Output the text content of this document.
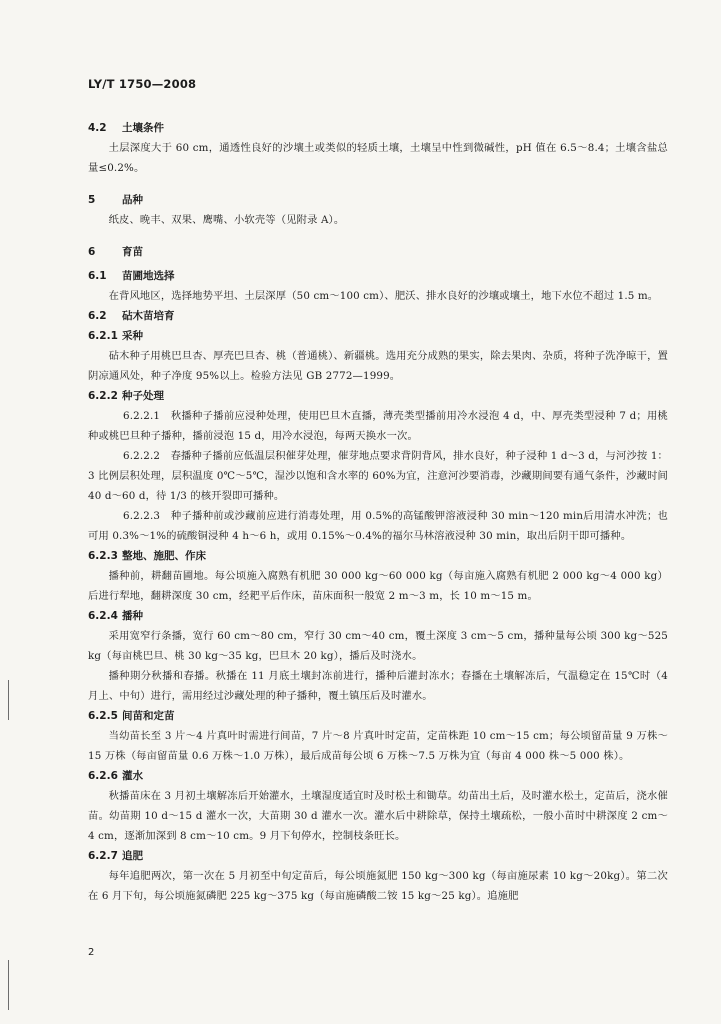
LY/T 1750—2008
4.2 土壤条件
土层深度大于 60 cm，通透性良好的沙壤土或类似的轻质土壤，土壤呈中性到微碱性，pH 值在 6.5～8.4；土壤含盐总量≤0.2%。
5	品种
纸皮、晚丰、双果、鹰嘴、小软壳等（见附录 A）。
6	育苗
6.1 苗圃地选择
在背风地区，选择地势平坦、土层深厚（50 cm～100 cm）、肥沃、排水良好的沙壤或壤土，地下水位不超过 1.5 m。
6.2 砧木苗培育
6.2.1 采种
砧木种子用桃巴旦杏、厚壳巴旦杏、桃（普通桃）、新疆桃。选用充分成熟的果实，除去果肉、杂质，将种子洗净晾干，置阴凉通风处，种子净度 95%以上。检验方法见 GB 2772—1999。
6.2.2 种子处理
6.2.2.1　秋播种子播前应浸种处理，使用巴旦木直播，薄壳类型播前用冷水浸泡 4 d，中、厚壳类型浸种 7 d；用桃种或桃巴旦种子播种，播前浸泡 15 d，用冷水浸泡，每两天换水一次。
6.2.2.2　春播种子播前应低温层积催芽处理，催芽地点要求背阴背风，排水良好，种子浸种 1 d～3 d，与河沙按 1：3 比例层积处理，层积温度 0℃～5℃，湿沙以饱和含水率的 60%为宜，注意河沙要消毒，沙藏期间要有通气条件，沙藏时间 40 d～60 d，待 1/3 的核开裂即可播种。
6.2.2.3　种子播种前或沙藏前应进行消毒处理，用 0.5%的高锰酸钾溶液浸种 30 min～120 min后用清水冲洗；也可用 0.3%～1%的硫酸铜浸种 4 h～6 h，或用 0.15%～0.4%的福尔马林溶液浸种 30 min，取出后阴干即可播种。
6.2.3 整地、施肥、作床
播种前，耕翻苗圃地。每公顷施入腐熟有机肥 30 000 kg～60 000 kg（每亩施入腐熟有机肥 2 000 kg～4 000 kg）后进行犁地，翻耕深度 30 cm，经耙平后作床，苗床面积一般宽 2 m～3 m，长 10 m～15 m。
6.2.4 播种
采用宽窄行条播，宽行 60 cm～80 cm，窄行 30 cm～40 cm，覆土深度 3 cm～5 cm，播种量每公顷 300 kg～525 kg（每亩桃巴旦、桃 30 kg～35 kg，巴旦木 20 kg），播后及时浇水。
播种期分秋播和春播。秋播在 11 月底土壤封冻前进行，播种后灌封冻水；春播在土壤解冻后，气温稳定在 15℃时（4 月上、中旬）进行，需用经过沙藏处理的种子播种，覆土镇压后及时灌水。
6.2.5 间苗和定苗
当幼苗长至 3 片～4 片真叶时需进行间苗，7 片～8 片真叶时定苗，定苗株距 10 cm～15 cm；每公顷留苗量 9 万株～15 万株（每亩留苗量 0.6 万株～1.0 万株），最后成苗每公顷 6 万株～7.5 万株为宜（每亩 4 000 株～5 000 株）。
6.2.6 灌水
秋播苗床在 3 月初土壤解冻后开始灌水，土壤湿度适宜时及时松土和锄草。幼苗出土后，及时灌水松土，定苗后，浇水催苗。幼苗期 10 d～15 d 灌水一次，大苗期 30 d 灌水一次。灌水后中耕除草，保持土壤疏松，一般小苗时中耕深度 2 cm～4 cm，逐渐加深到 8 cm～10 cm。9 月下旬停水，控制枝条旺长。
6.2.7 追肥
每年追肥两次，第一次在 5 月初至中旬定苗后，每公顷施氮肥 150 kg～300 kg（每亩施尿素 10 kg～20kg）。第二次在 6 月下旬，每公顷施氮磷肥 225 kg～375 kg（每亩施磷酸二铵 15 kg～25 kg）。追施肥
2
